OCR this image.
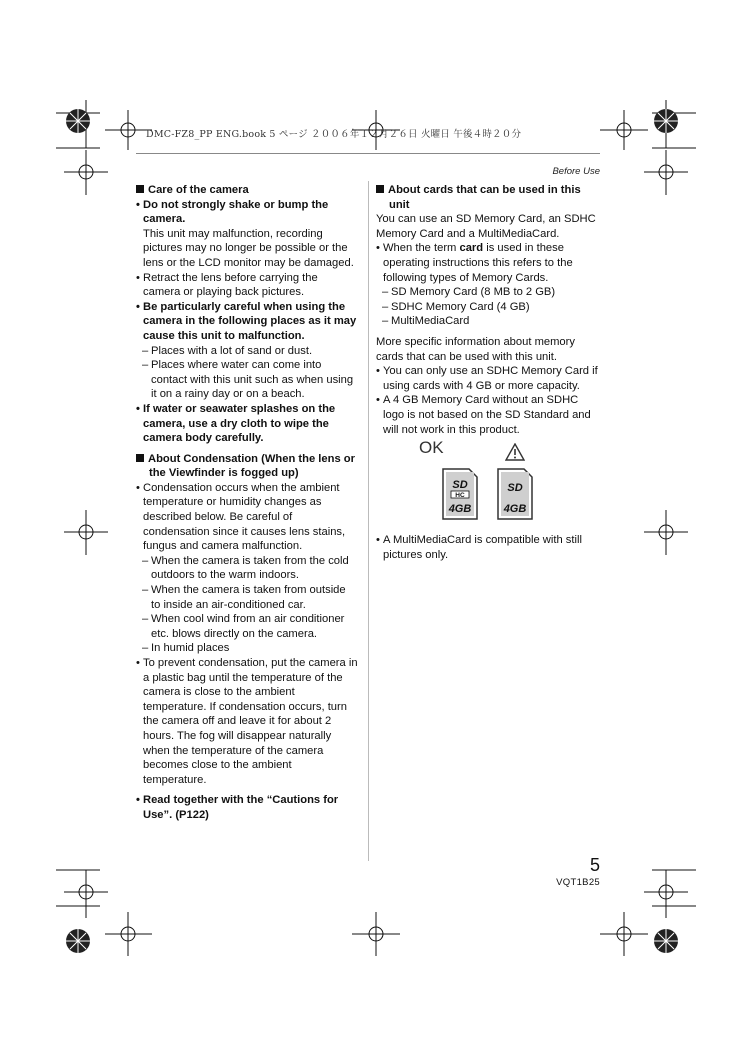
DMC-FZ8_PP ENG.book 5 ページ ２００６年１２月２６日 火曜日 午後４時２０分
Before Use

Care of the camera

• Do not strongly shake or bump the camera.

This unit may malfunction, recording pictures may no longer be possible or the lens or the LCD monitor may be damaged.

• Retract the lens before carrying the camera or playing back pictures.

• Be particularly careful when using the camera in the following places as it may cause this unit to malfunction.

– Places with a lot of sand or dust.

– Places where water can come into contact with this unit such as when using it on a rainy day or on a beach.

• If water or seawater splashes on the camera, use a dry cloth to wipe the camera body carefully.

About Condensation (When the lens or the Viewfinder is fogged up)

• Condensation occurs when the ambient temperature or humidity changes as described below. Be careful of condensation since it causes lens stains, fungus and camera malfunction.

– When the camera is taken from the cold outdoors to the warm indoors.

– When the camera is taken from outside to inside an air-conditioned car.

– When cool wind from an air conditioner etc. blows directly on the camera.

– In humid places

• To prevent condensation, put the camera in a plastic bag until the temperature of the camera is close to the ambient temperature. If condensation occurs, turn the camera off and leave it for about 2 hours. The fog will disappear naturally when the temperature of the camera becomes close to the ambient temperature.

• Read together with the “Cautions for Use”. (P122)

About cards that can be used in this unit

You can use an SD Memory Card, an SDHC Memory Card and a MultiMediaCard.

• When the term card is used in these operating instructions this refers to the following types of Memory Cards.

– SD Memory Card (8 MB to 2 GB)

– SDHC Memory Card (4 GB)

– MultiMediaCard

More specific information about memory cards that can be used with this unit.

• You can only use an SDHC Memory Card if using cards with 4 GB or more capacity.

• A 4 GB Memory Card without an SDHC logo is not based on the SD Standard and will not work in this product.

OK
SD
HC
4GB
SD
4GB

• A MultiMediaCard is compatible with still pictures only.

5
VQT1B25
